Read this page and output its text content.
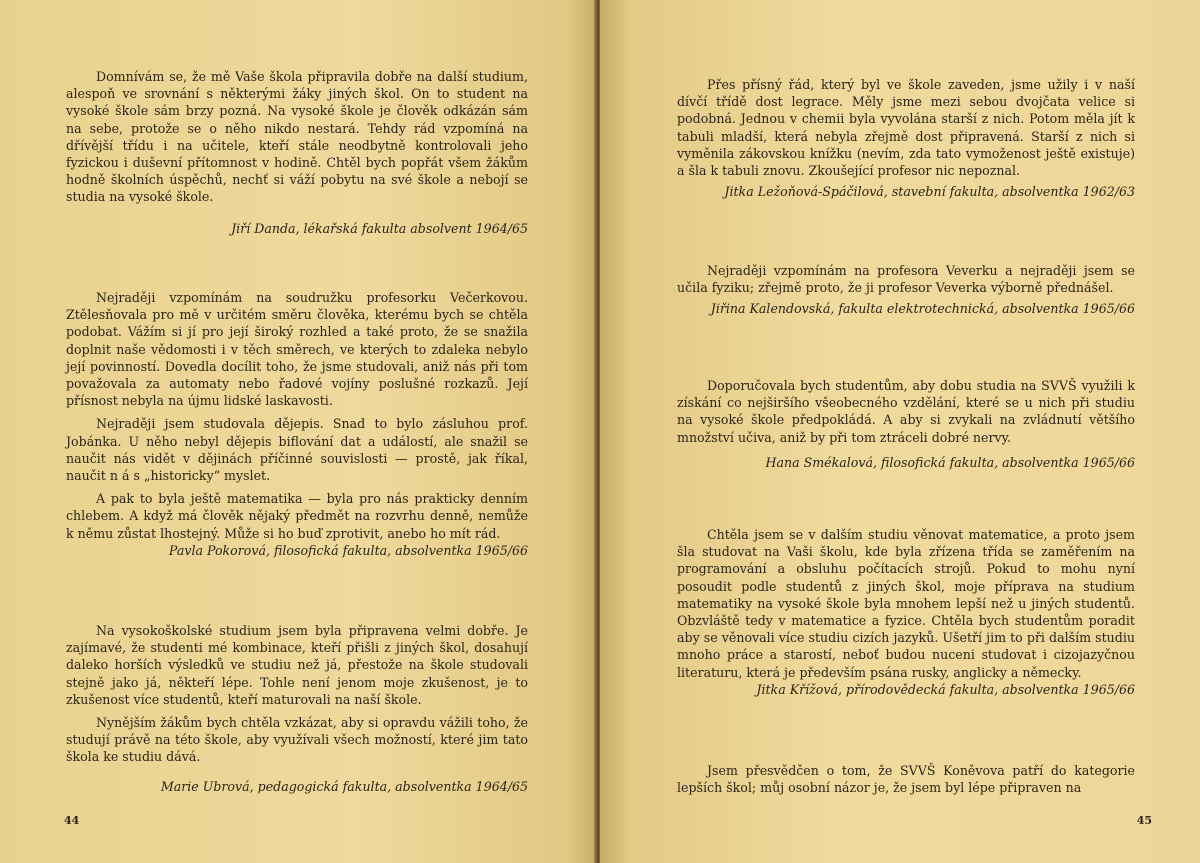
Domnívám se, že mě Vaše škola připravila dobře na další studium, alespoň ve srovnání s některými žáky jiných škol. On to student na vysoké škole sám brzy pozná. Na vysoké škole je člověk odkázán sám na sebe, protože se o něho nikdo nestará. Tehdy rád vzpomíná na dřívější třídu i na učitele, kteří stále neodbytně kontrolovali jeho fyzickou i duševní přítomnost v hodině. Chtěl bych popřát všem žákům hodně školních úspěchů, nechť si váží pobytu na své škole a nebojí se studia na vysoké škole.

Jiří Danda, lékařská fakulta absolvent 1964/65

Nejraději vzpomínám na soudružku profesorku Večerkovou. Ztělesňovala pro mě v určitém směru člověka, kterému bych se chtěla podobat. Vážím si jí pro její široký rozhled a také proto, že se snažila doplnit naše vědomosti i v těch směrech, ve kterých to zdaleka nebylo její povinností. Dovedla docílit toho, že jsme studovali, aniž nás při tom považovala za automaty nebo řadové vojíny poslušné rozkazů. Její přísnost nebyla na újmu lidské laskavosti.

Nejraději jsem studovala dějepis. Snad to bylo zásluhou prof. Jobánka. U něho nebyl dějepis biflování dat a událostí, ale snažil se naučit nás vidět v dějinách příčinné souvislosti — prostě, jak říkal, naučit n á s „historicky“ myslet.

A pak to byla ještě matematika — byla pro nás prakticky denním chlebem. A když má člověk nějaký předmět na rozvrhu denně, nemůže k němu zůstat lhostejný. Může si ho buď zprotivit, anebo ho mít rád.

Pavla Pokorová, filosofická fakulta, absolventka 1965/66

Na vysokoškolské studium jsem byla připravena velmi dobře. Je zajímavé, že studenti mé kombinace, kteří přišli z jiných škol, dosahují daleko horších výsledků ve studiu než já, přestože na škole studovali stejně jako já, někteří lépe. Tohle není jenom moje zkušenost, je to zkušenost více studentů, kteří maturovali na naší škole.

Nynějším žákům bych chtěla vzkázat, aby si opravdu vážili toho, že studují právě na této škole, aby využívali všech možností, které jim tato škola ke studiu dává.

Marie Ubrová, pedagogická fakulta, absolventka 1964/65

44

Přes přísný řád, který byl ve škole zaveden, jsme užily i v naší dívčí třídě dost legrace. Měly jsme mezi sebou dvojčata velice si podobná. Jednou v chemii byla vyvolána starší z nich. Potom měla jít k tabuli mladší, která nebyla zřejmě dost připravená. Starší z nich si vyměnila zákovskou knížku (nevím, zda tato vymoženost ještě existuje) a šla k tabuli znovu. Zkoušející profesor nic nepoznal.

Jitka Ležoňová-Spáčilová, stavební fakulta, absolventka 1962/63

Nejraději vzpomínám na profesora Veverku a nejraději jsem se učila fyziku; zřejmě proto, že ji profesor Veverka výborně přednášel.

Jiřina Kalendovská, fakulta elektrotechnická, absolventka 1965/66

Doporučovala bych studentům, aby dobu studia na SVVŠ využili k získání co nejširšího všeobecného vzdělání, které se u nich při studiu na vysoké škole předpokládá. A aby si zvykali na zvládnutí většího množství učiva, aniž by při tom ztráceli dobré nervy.

Hana Smékalová, filosofická fakulta, absolventka 1965/66

Chtěla jsem se v dalším studiu věnovat matematice, a proto jsem šla studovat na Vaši školu, kde byla zřízena třída se zaměřením na programování a obsluhu počítacích strojů. Pokud to mohu nyní posoudit podle studentů z jiných škol, moje příprava na studium matematiky na vysoké škole byla mnohem lepší než u jiných studentů. Obzvláště tedy v matematice a fyzice. Chtěla bych studentům poradit aby se věnovali více studiu cizích jazyků. Ušetří jim to při dalším studiu mnoho práce a starostí, neboť budou nuceni studovat i cizojazyčnou literaturu, která je především psána rusky, anglicky a německy.

Jitka Křížová, přírodovědecká fakulta, absolventka 1965/66

Jsem přesvědčen o tom, že SVVŠ Koněvova patří do kategorie lepších škol; můj osobní názor je, že jsem byl lépe připraven na

45
